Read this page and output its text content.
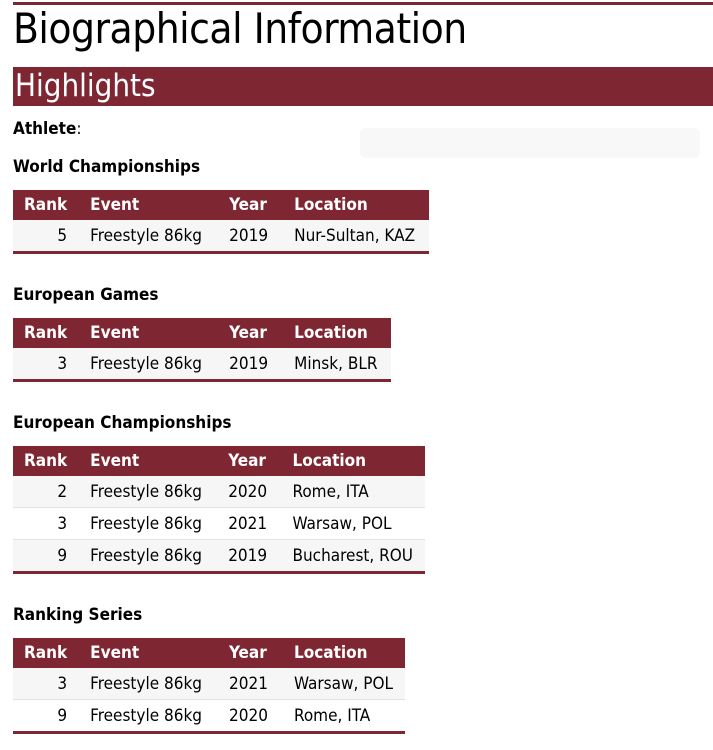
Biographical Information
Highlights
Athlete:
World Championships
Rank	Event	Year	Location
5	Freestyle 86kg	2019	Nur-Sultan, KAZ
European Games
Rank	Event	Year	Location
3	Freestyle 86kg	2019	Minsk, BLR
European Championships
Rank	Event	Year	Location
2	Freestyle 86kg	2020	Rome, ITA
3	Freestyle 86kg	2021	Warsaw, POL
9	Freestyle 86kg	2019	Bucharest, ROU
Ranking Series
Rank	Event	Year	Location
3	Freestyle 86kg	2021	Warsaw, POL
9	Freestyle 86kg	2020	Rome, ITA
